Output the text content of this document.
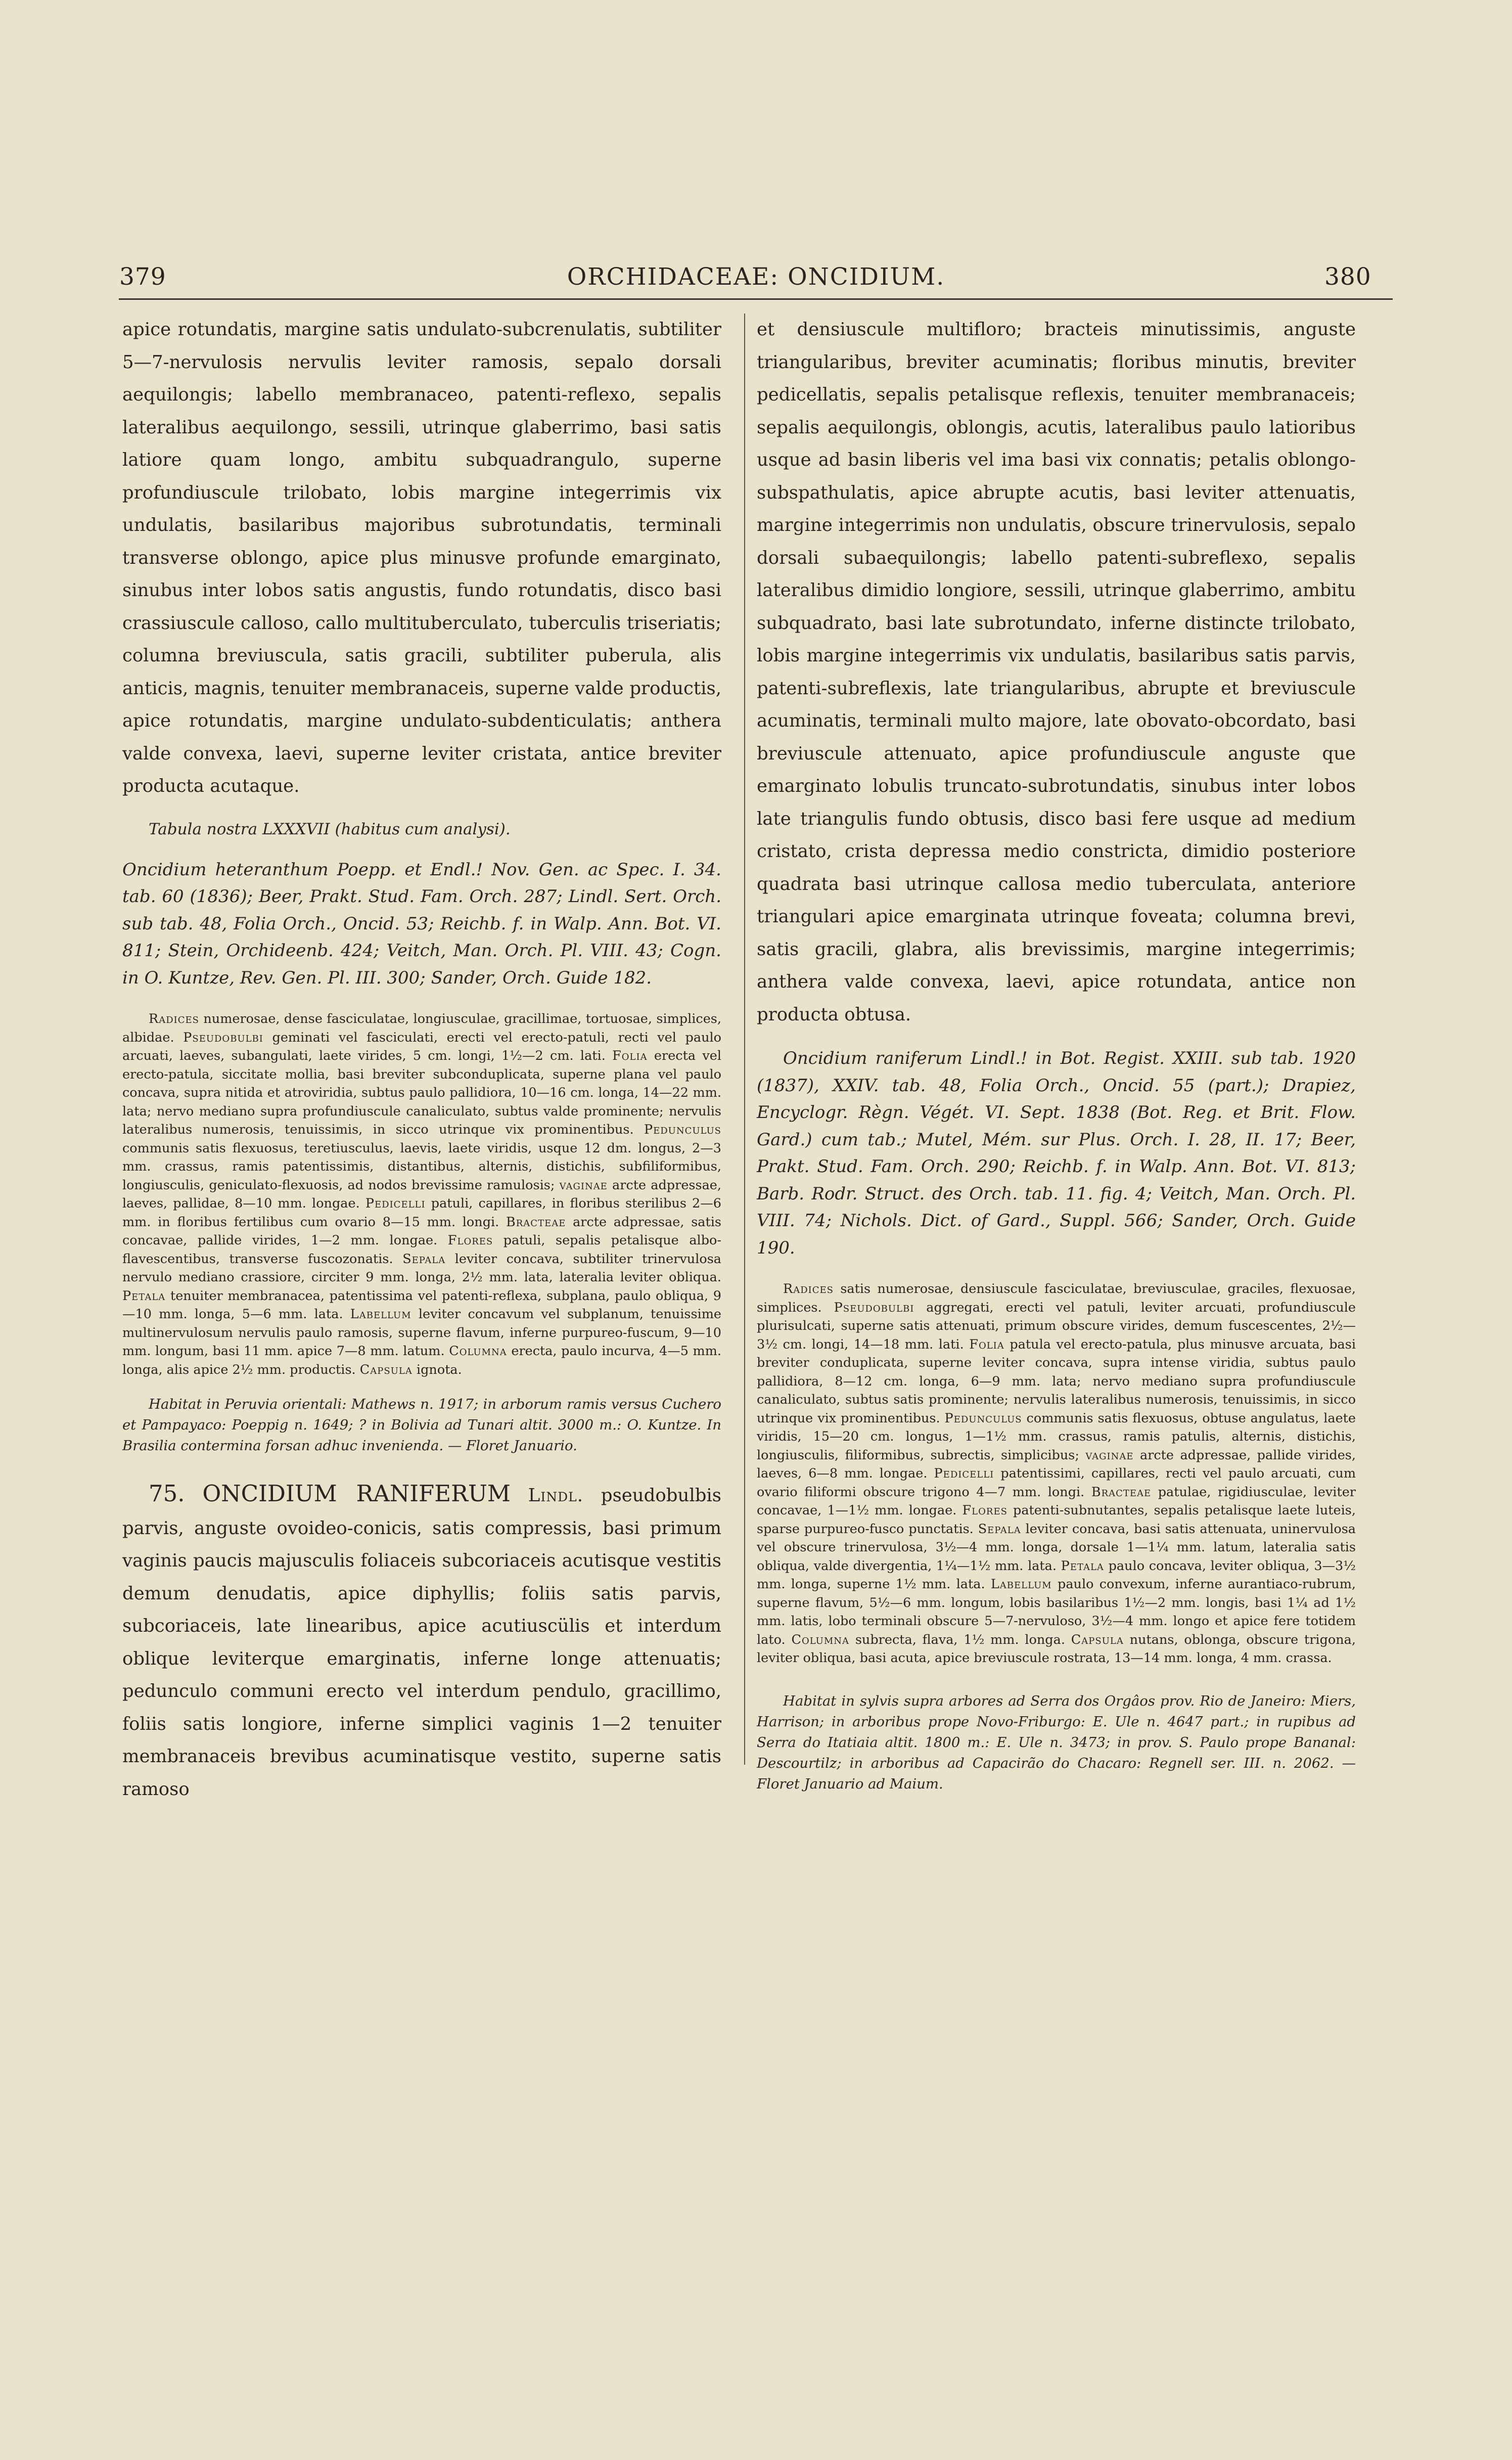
379	ORCHIDACEAE: ONCIDIUM.	380

apice rotundatis, margine satis undulato-subcrenulatis, subtiliter 5—7-nervulosis nervulis leviter ramosis, sepalo dorsali aequilongis; labello membranaceo, patenti-reflexo, sepalis lateralibus aequilongo, sessili, utrinque glaberrimo, basi satis latiore quam longo, ambitu subquadrangulo, superne profundiuscule trilobato, lobis margine integerrimis vix undulatis, basilaribus majoribus subrotundatis, terminali transverse oblongo, apice plus minusve profunde emarginato, sinubus inter lobos satis angustis, fundo rotundatis, disco basi crassiuscule calloso, callo multituberculato, tuberculis triseriatis; columna breviuscula, satis gracili, subtiliter puberula, alis anticis, magnis, tenuiter membranaceis, superne valde productis, apice rotundatis, margine undulato-subdenticulatis; anthera valde convexa, laevi, superne leviter cristata, antice breviter producta acutaque.

Tabula nostra LXXXVII (habitus cum analysi).

Oncidium heteranthum Poepp. et Endl.! Nov. Gen. ac Spec. I. 34. tab. 60 (1836); Beer, Prakt. Stud. Fam. Orch. 287; Lindl. Sert. Orch. sub tab. 48, Folia Orch., Oncid. 53; Reichb. f. in Walp. Ann. Bot. VI. 811; Stein, Orchideenb. 424; Veitch, Man. Orch. Pl. VIII. 43; Cogn. in O. Kuntze, Rev. Gen. Pl. III. 300; Sander, Orch. Guide 182.

Radices numerosae, dense fasciculatae, longiusculae, gracillimae, tortuosae, simplices, albidae. Pseudobulbi geminati vel fasciculati, erecti vel erecto-patuli, recti vel paulo arcuati, laeves, subangulati, laete virides, 5 cm. longi, 1½—2 cm. lati. Folia erecta vel erecto-patula, siccitate mollia, basi breviter subconduplicata, superne plana vel paulo concava, supra nitida et atroviridia, subtus paulo pallidiora, 10—16 cm. longa, 14—22 mm. lata; nervo mediano supra profundiuscule canaliculato, subtus valde prominente; nervulis lateralibus numerosis, tenuissimis, in sicco utrinque vix prominentibus. Pedunculus communis satis flexuosus, teretiusculus, laevis, laete viridis, usque 12 dm. longus, 2—3 mm. crassus, ramis patentissimis, distantibus, alternis, distichis, subfiliformibus, longiusculis, geniculato-flexuosis, ad nodos brevissime ramulosis; vaginae arcte adpressae, laeves, pallidae, 8—10 mm. longae. Pedicelli patuli, capillares, in floribus sterilibus 2—6 mm. in floribus fertilibus cum ovario 8—15 mm. longi. Bracteae arcte adpressae, satis concavae, pallide virides, 1—2 mm. longae. Flores patuli, sepalis petalisque albo-flavescentibus, transverse fuscozonatis. Sepala leviter concava, subtiliter trinervulosa nervulo mediano crassiore, circiter 9 mm. longa, 2½ mm. lata, lateralia leviter obliqua. Petala tenuiter membranacea, patentissima vel patenti-reflexa, subplana, paulo obliqua, 9—10 mm. longa, 5—6 mm. lata. Labellum leviter concavum vel subplanum, tenuissime multinervulosum nervulis paulo ramosis, superne flavum, inferne purpureo-fuscum, 9—10 mm. longum, basi 11 mm. apice 7—8 mm. latum. Columna erecta, paulo incurva, 4—5 mm. longa, alis apice 2½ mm. productis. Capsula ignota.

Habitat in Peruvia orientali: Mathews n. 1917; in arborum ramis versus Cuchero et Pampayaco: Poeppig n. 1649; ? in Bolivia ad Tunari altit. 3000 m.: O. Kuntze. In Brasilia contermina forsan adhuc invenienda. — Floret Januario.

75. ONCIDIUM RANIFERUM Lindl. pseudobulbis parvis, anguste ovoideo-conicis, satis compressis, basi primum vaginis paucis majusculis foliaceis subcoriaceis acutisque vestitis demum denudatis, apice diphyllis; foliis satis parvis, subcoriaceis, late linearibus, apice acutiuscülis et interdum oblique leviterque emarginatis, inferne longe attenuatis; pedunculo communi erecto vel interdum pendulo, gracillimo, foliis satis longiore, inferne simplici vaginis 1—2 tenuiter membranaceis brevibus acuminatisque vestito, superne satis ramoso

et densiuscule multifloro; bracteis minutissimis, anguste triangularibus, breviter acuminatis; floribus minutis, breviter pedicellatis, sepalis petalisque reflexis, tenuiter membranaceis; sepalis aequilongis, oblongis, acutis, lateralibus paulo latioribus usque ad basin liberis vel ima basi vix connatis; petalis oblongo-subspathulatis, apice abrupte acutis, basi leviter attenuatis, margine integerrimis non undulatis, obscure trinervulosis, sepalo dorsali subaequilongis; labello patenti-subreflexo, sepalis lateralibus dimidio longiore, sessili, utrinque glaberrimo, ambitu subquadrato, basi late subrotundato, inferne distincte trilobato, lobis margine integerrimis vix undulatis, basilaribus satis parvis, patenti-subreflexis, late triangularibus, abrupte et breviuscule acuminatis, terminali multo majore, late obovato-obcordato, basi breviuscule attenuato, apice profundiuscule anguste que emarginato lobulis truncato-subrotundatis, sinubus inter lobos late triangulis fundo obtusis, disco basi fere usque ad medium cristato, crista depressa medio constricta, dimidio posteriore quadrata basi utrinque callosa medio tuberculata, anteriore triangulari apice emarginata utrinque foveata; columna brevi, satis gracili, glabra, alis brevissimis, margine integerrimis; anthera valde convexa, laevi, apice rotundata, antice non producta obtusa.

Oncidium raniferum Lindl.! in Bot. Regist. XXIII. sub tab. 1920 (1837), XXIV. tab. 48, Folia Orch., Oncid. 55 (part.); Drapiez, Encyclogr. Règn. Végét. VI. Sept. 1838 (Bot. Reg. et Brit. Flow. Gard.) cum tab.; Mutel, Mém. sur Plus. Orch. I. 28, II. 17; Beer, Prakt. Stud. Fam. Orch. 290; Reichb. f. in Walp. Ann. Bot. VI. 813; Barb. Rodr. Struct. des Orch. tab. 11. fig. 4; Veitch, Man. Orch. Pl. VIII. 74; Nichols. Dict. of Gard., Suppl. 566; Sander, Orch. Guide 190.

Radices satis numerosae, densiuscule fasciculatae, breviusculae, graciles, flexuosae, simplices. Pseudobulbi aggregati, erecti vel patuli, leviter arcuati, profundiuscule plurisulcati, superne satis attenuati, primum obscure virides, demum fuscescentes, 2½—3½ cm. longi, 14—18 mm. lati. Folia patula vel erecto-patula, plus minusve arcuata, basi breviter conduplicata, superne leviter concava, supra intense viridia, subtus paulo pallidiora, 8—12 cm. longa, 6—9 mm. lata; nervo mediano supra profundiuscule canaliculato, subtus satis prominente; nervulis lateralibus numerosis, tenuissimis, in sicco utrinque vix prominentibus. Pedunculus communis satis flexuosus, obtuse angulatus, laete viridis, 15—20 cm. longus, 1—1½ mm. crassus, ramis patulis, alternis, distichis, longiusculis, filiformibus, subrectis, simplicibus; vaginae arcte adpressae, pallide virides, laeves, 6—8 mm. longae. Pedicelli patentissimi, capillares, recti vel paulo arcuati, cum ovario filiformi obscure trigono 4—7 mm. longi. Bracteae patulae, rigidiusculae, leviter concavae, 1—1½ mm. longae. Flores patenti-subnutantes, sepalis petalisque laete luteis, sparse purpureo-fusco punctatis. Sepala leviter concava, basi satis attenuata, uninervulosa vel obscure trinervulosa, 3½—4 mm. longa, dorsale 1—1¼ mm. latum, lateralia satis obliqua, valde divergentia, 1¼—1½ mm. lata. Petala paulo concava, leviter obliqua, 3—3½ mm. longa, superne 1½ mm. lata. Labellum paulo convexum, inferne aurantiaco-rubrum, superne flavum, 5½—6 mm. longum, lobis basilaribus 1½—2 mm. longis, basi 1¼ ad 1½ mm. latis, lobo terminali obscure 5—7-nervuloso, 3½—4 mm. longo et apice fere totidem lato. Columna subrecta, flava, 1½ mm. longa. Capsula nutans, oblonga, obscure trigona, leviter obliqua, basi acuta, apice breviuscule rostrata, 13—14 mm. longa, 4 mm. crassa.

Habitat in sylvis supra arbores ad Serra dos Orgâos prov. Rio de Janeiro: Miers, Harrison; in arboribus prope Novo-Friburgo: E. Ule n. 4647 part.; in rupibus ad Serra do Itatiaia altit. 1800 m.: E. Ule n. 3473; in prov. S. Paulo prope Bananal: Descourtilz; in arboribus ad Capacirão do Chacaro: Regnell ser. III. n. 2062. — Floret Januario ad Maium.
